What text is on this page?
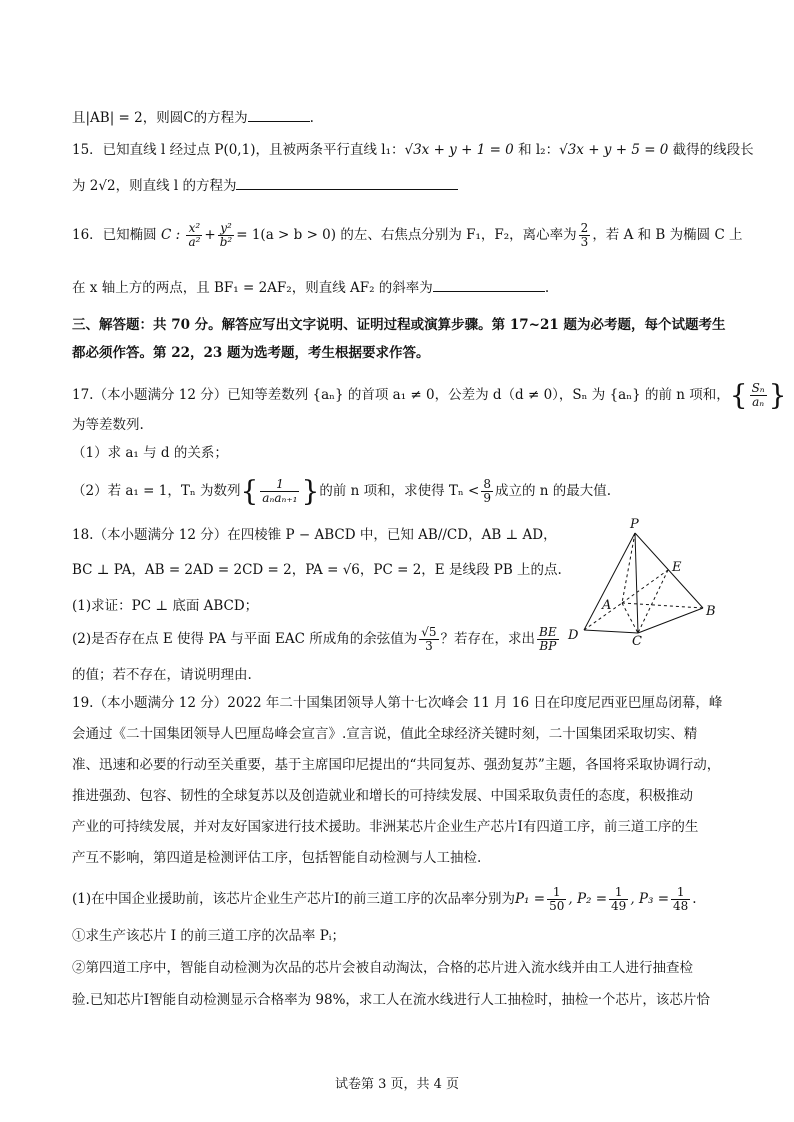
且|AB| = 2，则圆C的方程为	.
15．已知直线 l 经过点 P(0,1)，且被两条平行直线 l₁：√3x + y + 1 = 0 和 l₂：√3x + y + 5 = 0 截得的线段长
为 2√2，则直线 l 的方程为
16．已知椭圆 C : $\frac{\text{x²}}{\text{a²}} + \frac{\text{y²}}{\text{b²}} = 1(a > b > 0)$ 的左、右焦点分别为 F₁，F₂，离心率为 $\frac{2}{3}$ ，若 A 和 B 为椭圆 C 上
在 x 轴上方的两点，且 BF₁ = 2AF₂，则直线 AF₂ 的斜率为	.
三、解答题：共 70 分。解答应写出文字说明、证明过程或演算步骤。第 17~21 题为必考题，每个试题考生
都必须作答。第 22，23 题为选考题，考生根据要求作答。
17.（本小题满分 12 分）已知等差数列 {aₙ} 的首项 a₁ ≠ 0，公差为 d（d ≠ 0），Sₙ 为 {aₙ} 的前 n 项和，{ $\frac{\text{Sₙ}}{\text{aₙ}}$ }
为等差数列.
（1）求 a₁ 与 d 的关系；
（2）若 a₁ = 1，Tₙ 为数列{ $\frac{1}{\text{aₙaₙ₊₁}}$ }的前 n 项和，求使得 $T_n < \frac{8}{9}$ 成立的 n 的最大值.
18.（本小题满分 12 分）在四棱锥 P − ABCD 中，已知 AB//CD，AB ⊥ AD，
BC ⊥ PA，AB = 2AD = 2CD = 2，PA = √6，PC = 2，E 是线段 PB 上的点.
(1)求证：PC ⊥ 底面 ABCD；
(2)是否存在点 E 使得 PA 与平面 EAC 所成角的余弦值为 $\frac{√5}{3}$ ？若存在，求出 $\frac{BE}{BP}$
的值；若不存在，请说明理由.
P
E
A	B
C
D
19.（本小题满分 12 分）2022 年二十国集团领导人第十七次峰会 11 月 16 日在印度尼西亚巴厘岛闭幕，峰
会通过《二十国集团领导人巴厘岛峰会宣言》.宣言说，值此全球经济关键时刻，二十国集团采取切实、精
准、迅速和必要的行动至关重要，基于主席国印尼提出的“共同复苏、强劲复苏”主题，各国将采取协调行动，
推进强劲、包容、韧性的全球复苏以及创造就业和增长的可持续发展、中国采取负责任的态度，积极推动
产业的可持续发展，并对友好国家进行技术援助。非洲某芯片企业生产芯片Ⅰ有四道工序，前三道工序的生
产互不影响，第四道是检测评估工序，包括智能自动检测与人工抽检.
(1)在中国企业援助前，该芯片企业生产芯片Ⅰ的前三道工序的次品率分别为$P_1 = \frac{1}{50}$ , $P_2 = \frac{1}{49}$ , $P_3 = \frac{1}{48}$ .
①求生产该芯片 I 的前三道工序的次品率 Pᵢ；
②第四道工序中，智能自动检测为次品的芯片会被自动淘汰，合格的芯片进入流水线并由工人进行抽查检
验.已知芯片Ⅰ智能自动检测显示合格率为 98%，求工人在流水线进行人工抽检时，抽检一个芯片，该芯片恰
试卷第 3 页，共 4 页
